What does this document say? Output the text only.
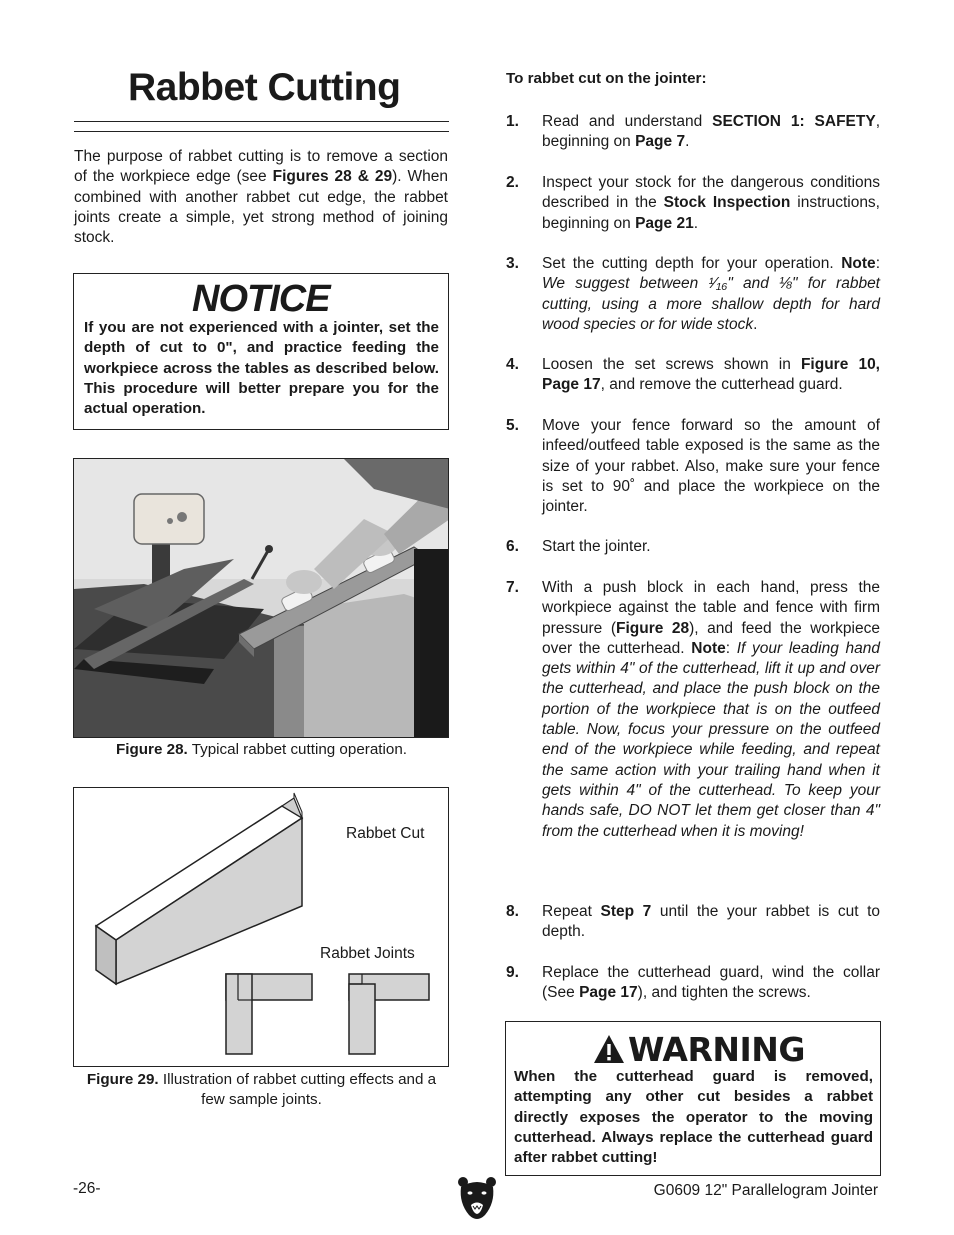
Rabbet Cutting

The purpose of rabbet cutting is to remove a section of the workpiece edge (see Figures 28 & 29). When combined with another rabbet cut edge, the rabbet joints create a simple, yet strong method of joining stock.

NOTICE

If you are not experienced with a jointer, set the depth of cut to 0", and practice feeding the workpiece across the tables as described below. This procedure will better prepare you for the actual operation.

Figure 28. Typical rabbet cutting operation.

Rabbet Cut
Rabbet Joints

Figure 29. Illustration of rabbet cutting effects and a few sample joints.

To rabbet cut on the jointer:
1. Read and understand SECTION 1: SAFETY, beginning on Page 7.

2. Inspect your stock for the dangerous conditions described in the Stock Inspection instructions, beginning on Page 21.

3. Set the cutting depth for your operation. Note: We suggest between ¹⁄₁₆" and ⅛" for rabbet cutting, using a more shallow depth for hard wood species or for wide stock.

4. Loosen the set screws shown in Figure 10, Page 17, and remove the cutterhead guard.

5. Move your fence forward so the amount of infeed/outfeed table exposed is the same as the size of your rabbet. Also, make sure your fence is set to 90˚ and place the workpiece on the jointer.

6. Start the jointer.

7. With a push block in each hand, press the workpiece against the table and fence with firm pressure (Figure 28), and feed the workpiece over the cutterhead. Note: If your leading hand gets within 4" of the cutterhead, lift it up and over the cutterhead, and place the push block on the portion of the workpiece that is on the outfeed table. Now, focus your pressure on the outfeed end of the workpiece while feeding, and repeat the same action with your trailing hand when it gets within 4" of the cutterhead. To keep your hands safe, DO NOT let them get closer than 4" from the cutterhead when it is moving!

8. Repeat Step 7 until the your rabbet is cut to depth.

9. Replace the cutterhead guard, wind the collar (See Page 17), and tighten the screws.

WARNING

When the cutterhead guard is removed, attempting any other cut besides a rabbet directly exposes the operator to the moving cutterhead. Always replace the cutterhead guard after rabbet cutting!

-26-	G0609 12" Parallelogram Jointer
